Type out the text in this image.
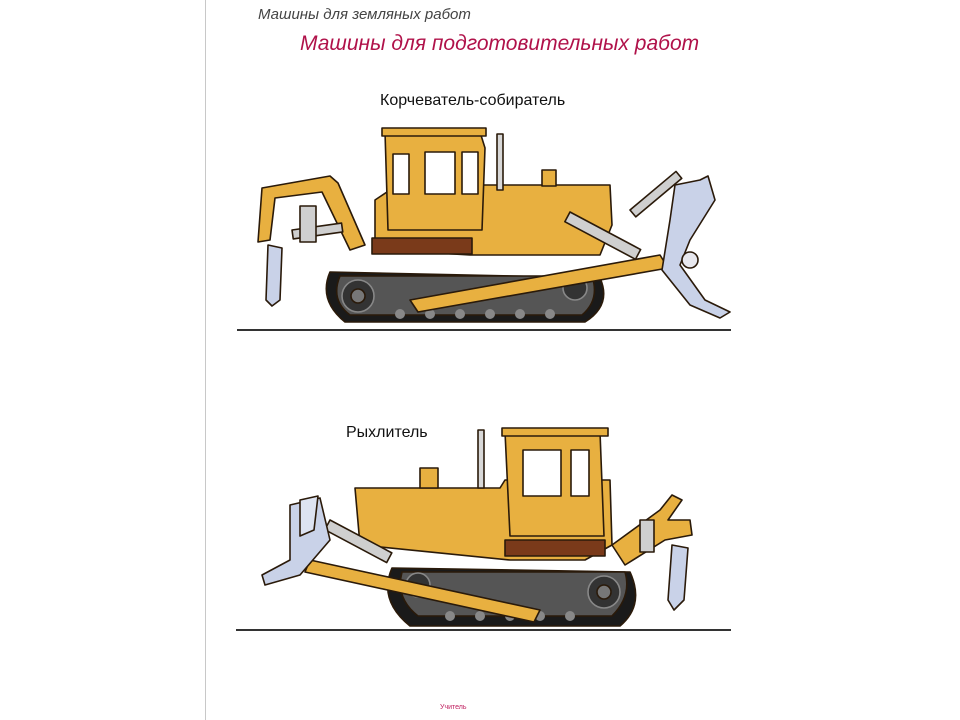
Машины для земляных работ
Машины для подготовительных работ
Корчеватель-собиратель
Рыхлитель
Учитель
